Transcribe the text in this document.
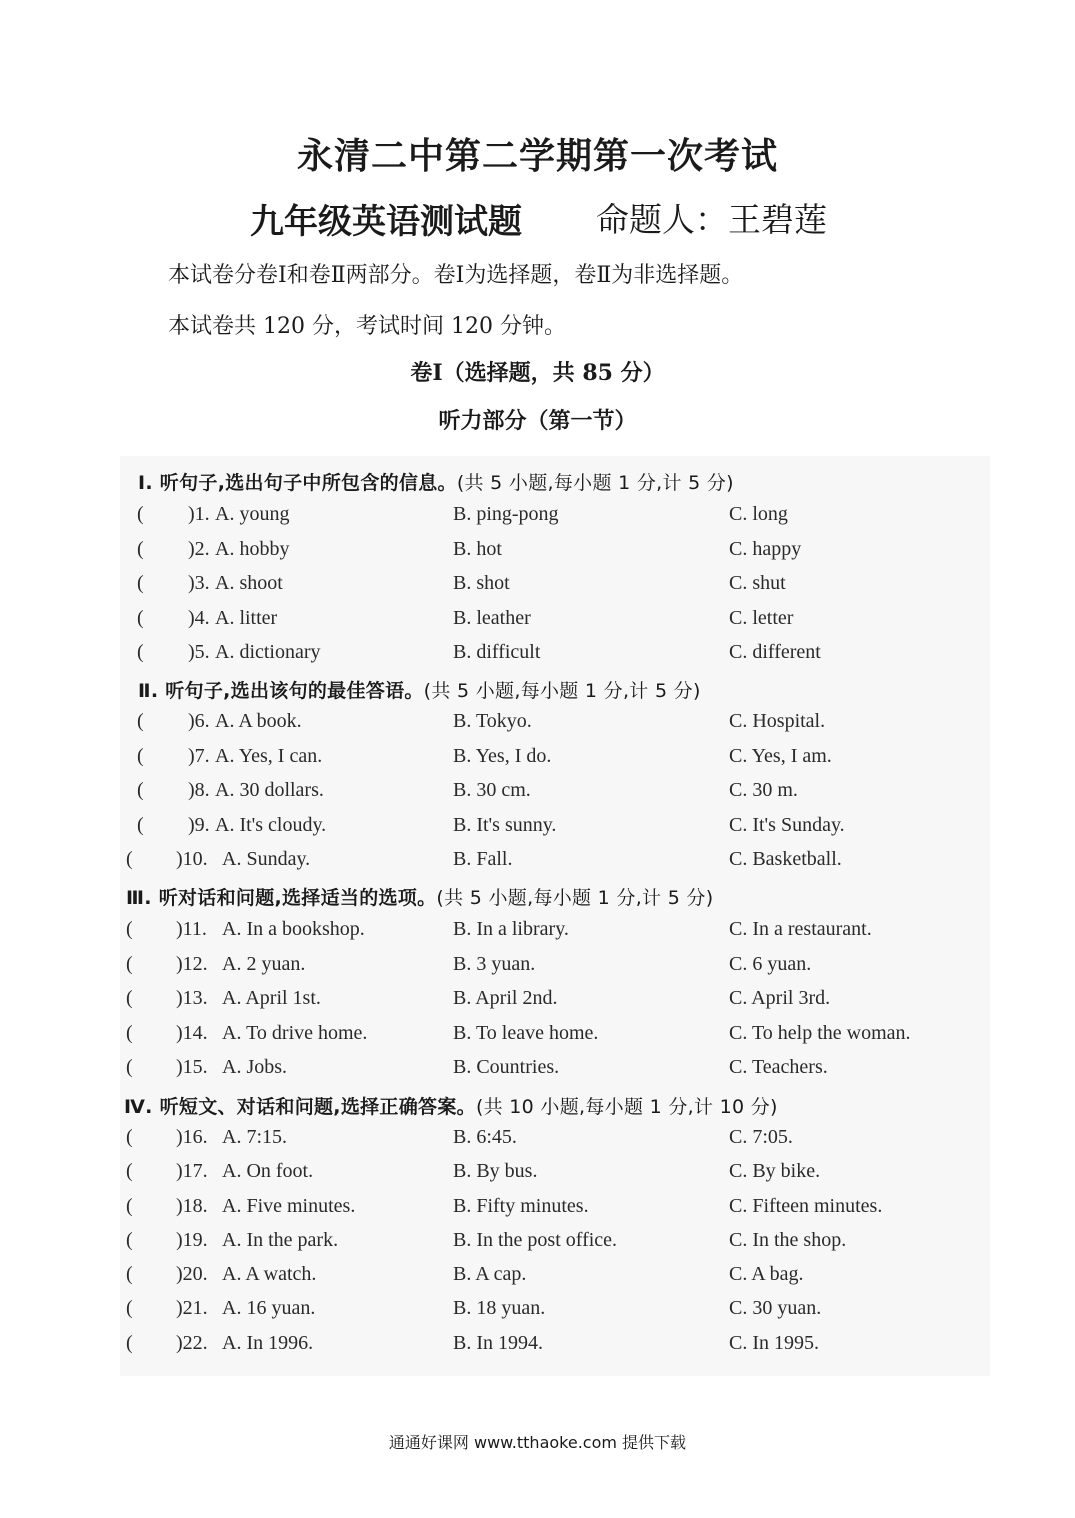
永清二中第二学期第一次考试
九年级英语测试题 命题人：王碧莲
本试卷分卷Ⅰ和卷Ⅱ两部分。卷Ⅰ为选择题，卷Ⅱ为非选择题。
本试卷共 120 分，考试时间 120 分钟。
卷Ⅰ（选择题，共 85 分）
听力部分（第一节）
Ⅰ. 听句子,选出句子中所包含的信息。(共 5 小题,每小题 1 分,计 5 分)
( )1. A. young	B. ping-pong	C. long
( )2. A. hobby	B. hot	C. happy
( )3. A. shoot	B. shot	C. shut
( )4. A. litter	B. leather	C. letter
( )5. A. dictionary	B. difficult	C. different
Ⅱ. 听句子,选出该句的最佳答语。(共 5 小题,每小题 1 分,计 5 分)
( )6. A. A book.	B. Tokyo.	C. Hospital.
( )7. A. Yes, I can.	B. Yes, I do.	C. Yes, I am.
( )8. A. 30 dollars.	B. 30 cm.	C. 30 m.
( )9. A. It's cloudy.	B. It's sunny.	C. It's Sunday.
( )10. A. Sunday.	B. Fall.	C. Basketball.
Ⅲ. 听对话和问题,选择适当的选项。(共 5 小题,每小题 1 分,计 5 分)
( )11. A. In a bookshop.	B. In a library.	C. In a restaurant.
( )12. A. 2 yuan.	B. 3 yuan.	C. 6 yuan.
( )13. A. April 1st.	B. April 2nd.	C. April 3rd.
( )14. A. To drive home.	B. To leave home.	C. To help the woman.
( )15. A. Jobs.	B. Countries.	C. Teachers.
Ⅳ. 听短文、对话和问题,选择正确答案。(共 10 小题,每小题 1 分,计 10 分)
( )16. A. 7:15.	B. 6:45.	C. 7:05.
( )17. A. On foot.	B. By bus.	C. By bike.
( )18. A. Five minutes.	B. Fifty minutes.	C. Fifteen minutes.
( )19. A. In the park.	B. In the post office.	C. In the shop.
( )20. A. A watch.	B. A cap.	C. A bag.
( )21. A. 16 yuan.	B. 18 yuan.	C. 30 yuan.
( )22. A. In 1996.	B. In 1994.	C. In 1995.
通通好课网 www.tthaoke.com 提供下载
